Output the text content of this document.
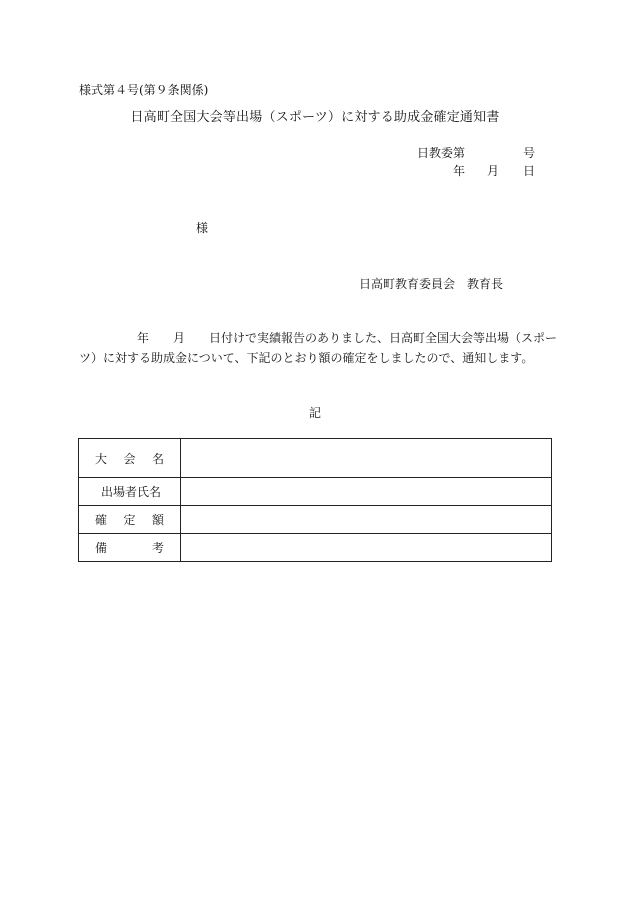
様式第４号(第９条関係)
日高町全国大会等出場（スポーツ）に対する助成金確定通知書
日教委第	号
年 月 日
様
日高町教育委員会　教育長
年 月 日付けで実績報告のありました、日高町全国大会等出場（スポー
ツ）に対する助成金について、下記のとおり額の確定をしましたので、通知します。
記
大会名	
出場者氏名	
確定額	
備考	
